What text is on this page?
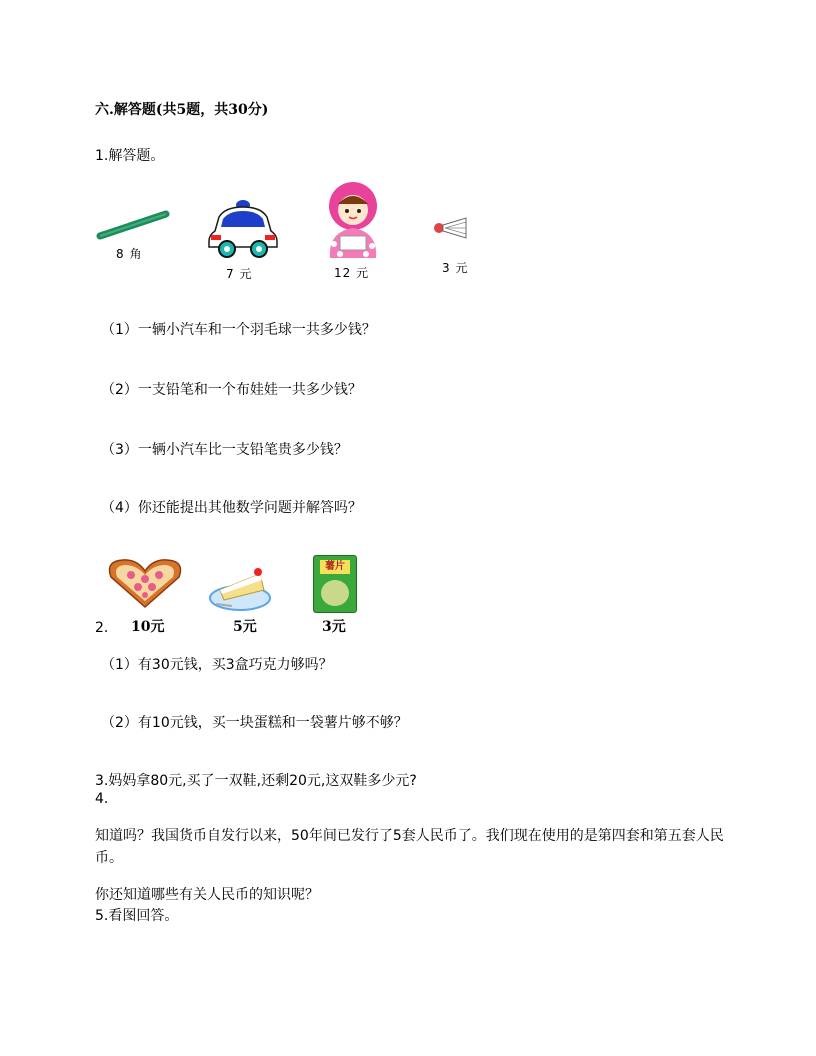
六.解答题(共5题，共30分)
1.解答题。
8 角
7 元	12 元	3 元
（1）一辆小汽车和一个羽毛球一共多少钱？
（2）一支铅笔和一个布娃娃一共多少钱？
（3）一辆小汽车比一支铅笔贵多少钱？
（4）你还能提出其他数学问题并解答吗？
10元	5元
薯片
3元
2.
（1）有30元钱，买3盒巧克力够吗？
（2）有10元钱，买一块蛋糕和一袋薯片够不够？
3.妈妈拿80元,买了一双鞋,还剩20元,这双鞋多少元?
4.
知道吗？我国货币自发行以来，50年间已发行了5套人民币了。我们现在使用的是第四套和第五套人民币。
你还知道哪些有关人民币的知识呢？
5.看图回答。
